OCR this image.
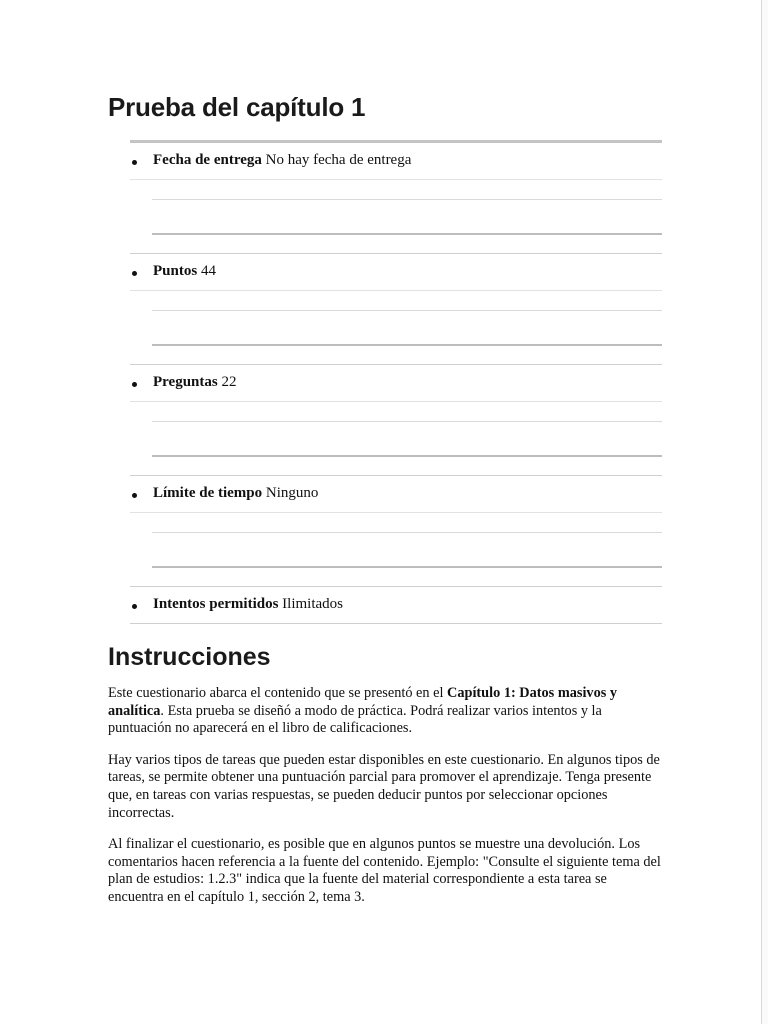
Prueba del capítulo 1
Fecha de entrega No hay fecha de entrega
Puntos 44
Preguntas 22
Límite de tiempo Ninguno
Intentos permitidos Ilimitados
Instrucciones

Este cuestionario abarca el contenido que se presentó en el Capítulo 1: Datos masivos y analítica. Esta prueba se diseñó a modo de práctica. Podrá realizar varios intentos y la puntuación no aparecerá en el libro de calificaciones.

Hay varios tipos de tareas que pueden estar disponibles en este cuestionario. En algunos tipos de tareas, se permite obtener una puntuación parcial para promover el aprendizaje. Tenga presente que, en tareas con varias respuestas, se pueden deducir puntos por seleccionar opciones incorrectas.

Al finalizar el cuestionario, es posible que en algunos puntos se muestre una devolución. Los comentarios hacen referencia a la fuente del contenido. Ejemplo: "Consulte el siguiente tema del plan de estudios: 1.2.3" indica que la fuente del material correspondiente a esta tarea se encuentra en el capítulo 1, sección 2, tema 3.
